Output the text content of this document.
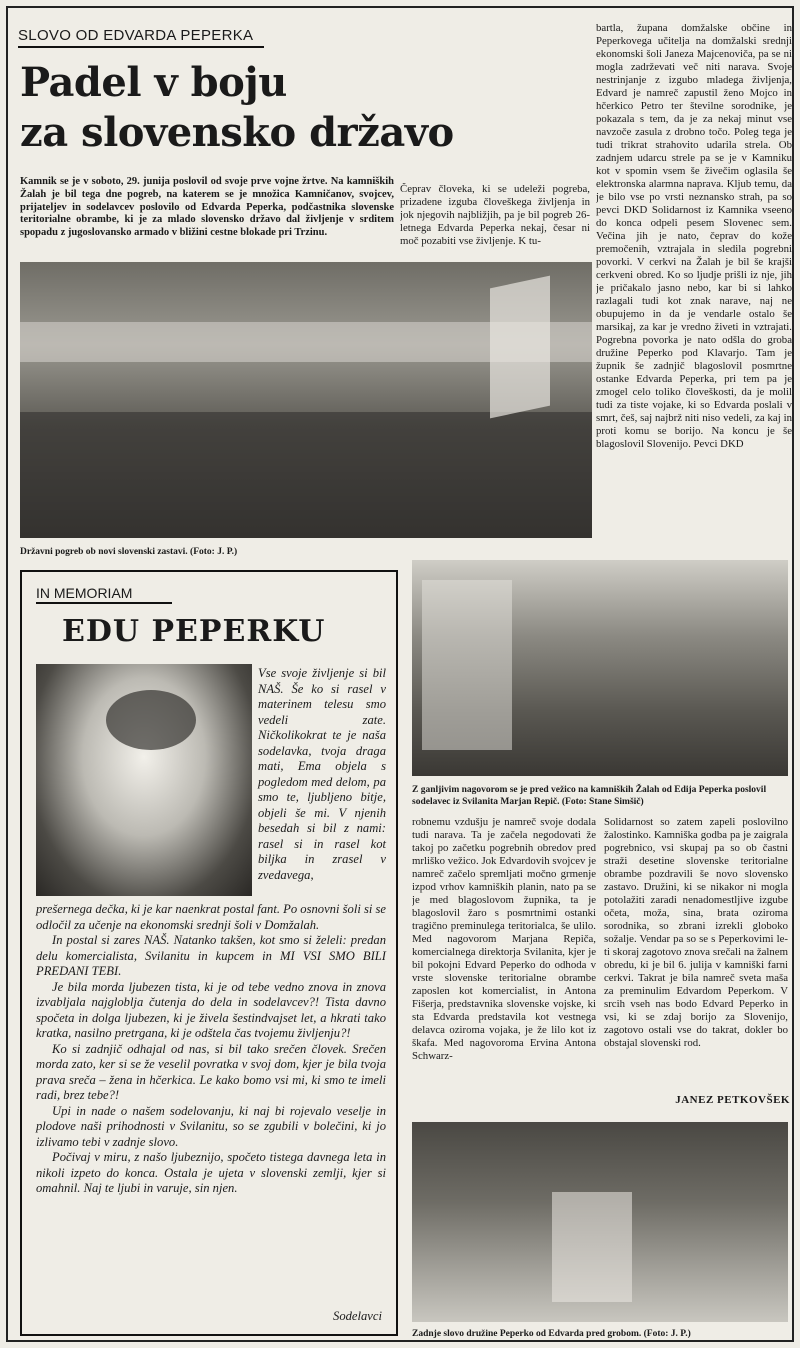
SLOVO OD EDVARDA PEPERKA
Padel v boju
za slovensko državo
Kamnik se je v soboto, 29. junija poslovil od svoje prve vojne žrtve. Na kamniških Žalah je bil tega dne pogreb, na katerem se je množica Kamničanov, svojcev, prijateljev in sodelavcev poslovilo od Edvarda Peperka, podčastnika slovenske teritorialne obrambe, ki je za mlado slovensko državo dal življenje v srditem spopadu z jugoslovansko armado v bližini cestne blokade pri Trzinu.
Čeprav človeka, ki se udeleži pogreba, prizadene izguba človeškega življenja in jok njegovih najbližjih, pa je bil pogreb 26-letnega Edvarda Peperka nekaj, česar ni moč pozabiti vse življenje. K tu-
bartla, župana domžalske občine in Peperkovega učitelja na domžalski srednji ekonomski šoli Janeza Majcenoviča, pa se ni mogla zadrževati več niti narava. Svoje nestrinjanje z izgubo mladega življenja, Edvard je namreč zapustil ženo Mojco in hčerkico Petro ter številne sorodnike, je pokazala s tem, da je za nekaj minut vse navzoče zasula z drobno točo. Poleg tega je tudi trikrat strahovito udarila strela. Ob zadnjem udarcu strele pa se je v Kamniku kot v spomin vsem še živečim oglasila še elektronska alarmna naprava. Kljub temu, da je bilo vse po vrsti neznansko strah, pa so pevci DKD Solidarnost iz Kamnika vseeno do konca odpeli pesem Slovenec sem. Večina jih je nato, čeprav do kože premočenih, vztrajala in sledila pogrebni povorki. V cerkvi na Žalah je bil še krajši cerkveni obred. Ko so ljudje prišli iz nje, jih je pričakalo jasno nebo, kar bi si lahko razlagali tudi kot znak narave, naj ne obupujemo in da je vendarle ostalo še marsikaj, za kar je vredno živeti in vztrajati. Pogrebna povorka je nato odšla do groba družine Peperko pod Klavarjo. Tam je župnik še zadnjič blagoslovil posmrtne ostanke Edvarda Peperka, pri tem pa je zmogel celo toliko človeškosti, da je molil tudi za tiste vojake, ki so Edvarda poslali v smrt, češ, saj najbrž niti niso vedeli, za kaj in proti komu se borijo. Na koncu je še blagoslovil Slovenijo. Pevci DKD
Državni pogreb ob novi slovenski zastavi. (Foto: J. P.)
IN MEMORIAM
EDU PEPERKU
Vse svoje življenje si bil NAŠ. Še ko si rasel v materinem telesu smo vedeli zate. Ničkolikokrat te je naša sodelavka, tvoja draga mati, Ema objela s pogledom med delom, pa smo te, ljubljeno bitje, objeli še mi. V njenih besedah si bil z nami: rasel si in rasel kot biljka in zrasel v zvedavega,

prešernega dečka, ki je kar naenkrat postal fant. Po osnovni šoli si se odločil za učenje na ekonomski srednji šoli v Domžalah.

In postal si zares NAŠ. Natanko takšen, kot smo si želeli: predan delu komercialista, Svilanitu in kupcem in MI VSI SMO BILI PREDANI TEBI.

Je bila morda ljubezen tista, ki je od tebe vedno znova in znova izvabljala najgloblja čutenja do dela in sodelavcev?! Tista davno spočeta in dolga ljubezen, ki je živela šestindvajset let, a hkrati tako kratka, nasilno pretrgana, ki je odštela čas tvojemu življenju?!

Ko si zadnjič odhajal od nas, si bil tako srečen človek. Srečen morda zato, ker si se že veselil povratka v svoj dom, kjer je bila tvoja prava sreča – žena in hčerkica. Le kako bomo vsi mi, ki smo te imeli radi, brez tebe?!

Upi in nade o našem sodelovanju, ki naj bi rojevalo veselje in plodove naši prihodnosti v Svilanitu, so se zgubili v bolečini, ki jo izlivamo tebi v zadnje slovo.

Počivaj v miru, z našo ljubeznijo, spočeto tistega davnega leta in nikoli izpeto do konca. Ostala je ujeta v slovenski zemlji, kjer si omahnil. Naj te ljubi in varuje, sin njen.

Sodelavci
Z ganljivim nagovorom se je pred vežico na kamniških Žalah od Edija Peperka poslovil sodelavec iz Svilanita Marjan Repič. (Foto: Stane Simšič)
robnemu vzdušju je namreč svoje dodala tudi narava. Ta je začela negodovati že takoj po začetku pogrebnih obredov pred mrliško vežico. Jok Edvardovih svojcev je namreč začelo spremljati močno grmenje izpod vrhov kamniških planin, nato pa se je med blagoslovom župnika, ta je blagoslovil žaro s posmrtnimi ostanki tragično preminulega teritorialca, še ulilo. Med nagovorom Marjana Repiča, komercialnega direktorja Svilanita, kjer je bil pokojni Edvard Peperko do odhoda v vrste slovenske teritorialne obrambe zaposlen kot komercialist, in Antona Fišerja, predstavnika slovenske vojske, ki sta Edvarda predstavila kot vestnega delavca oziroma vojaka, je že lilo kot iz škafa. Med nagovoroma Ervina Antona Schwarz-
Solidarnost so zatem zapeli poslovilno žalostinko. Kamniška godba pa je zaigrala pogrebnico, vsi skupaj pa so ob častni straži desetine slovenske teritorialne obrambe pozdravili še novo slovensko zastavo. Družini, ki se nikakor ni mogla potolažiti zaradi nenadomestljive izgube očeta, moža, sina, brata oziroma sorodnika, so zbrani izrekli globoko sožalje. Vendar pa so se s Peperkovimi le-ti skoraj zagotovo znova srečali na žalnem obredu, ki je bil 6. julija v kamniški farni cerkvi. Takrat je bila namreč sveta maša za preminulim Edvardom Peperkom. V srcih vseh nas bodo Edvard Peperko in vsi, ki se zdaj borijo za Slovenijo, zagotovo ostali vse do takrat, dokler bo obstajal slovenski rod.
JANEZ PETKOVŠEK
Zadnje slovo družine Peperko od Edvarda pred grobom. (Foto: J. P.)
